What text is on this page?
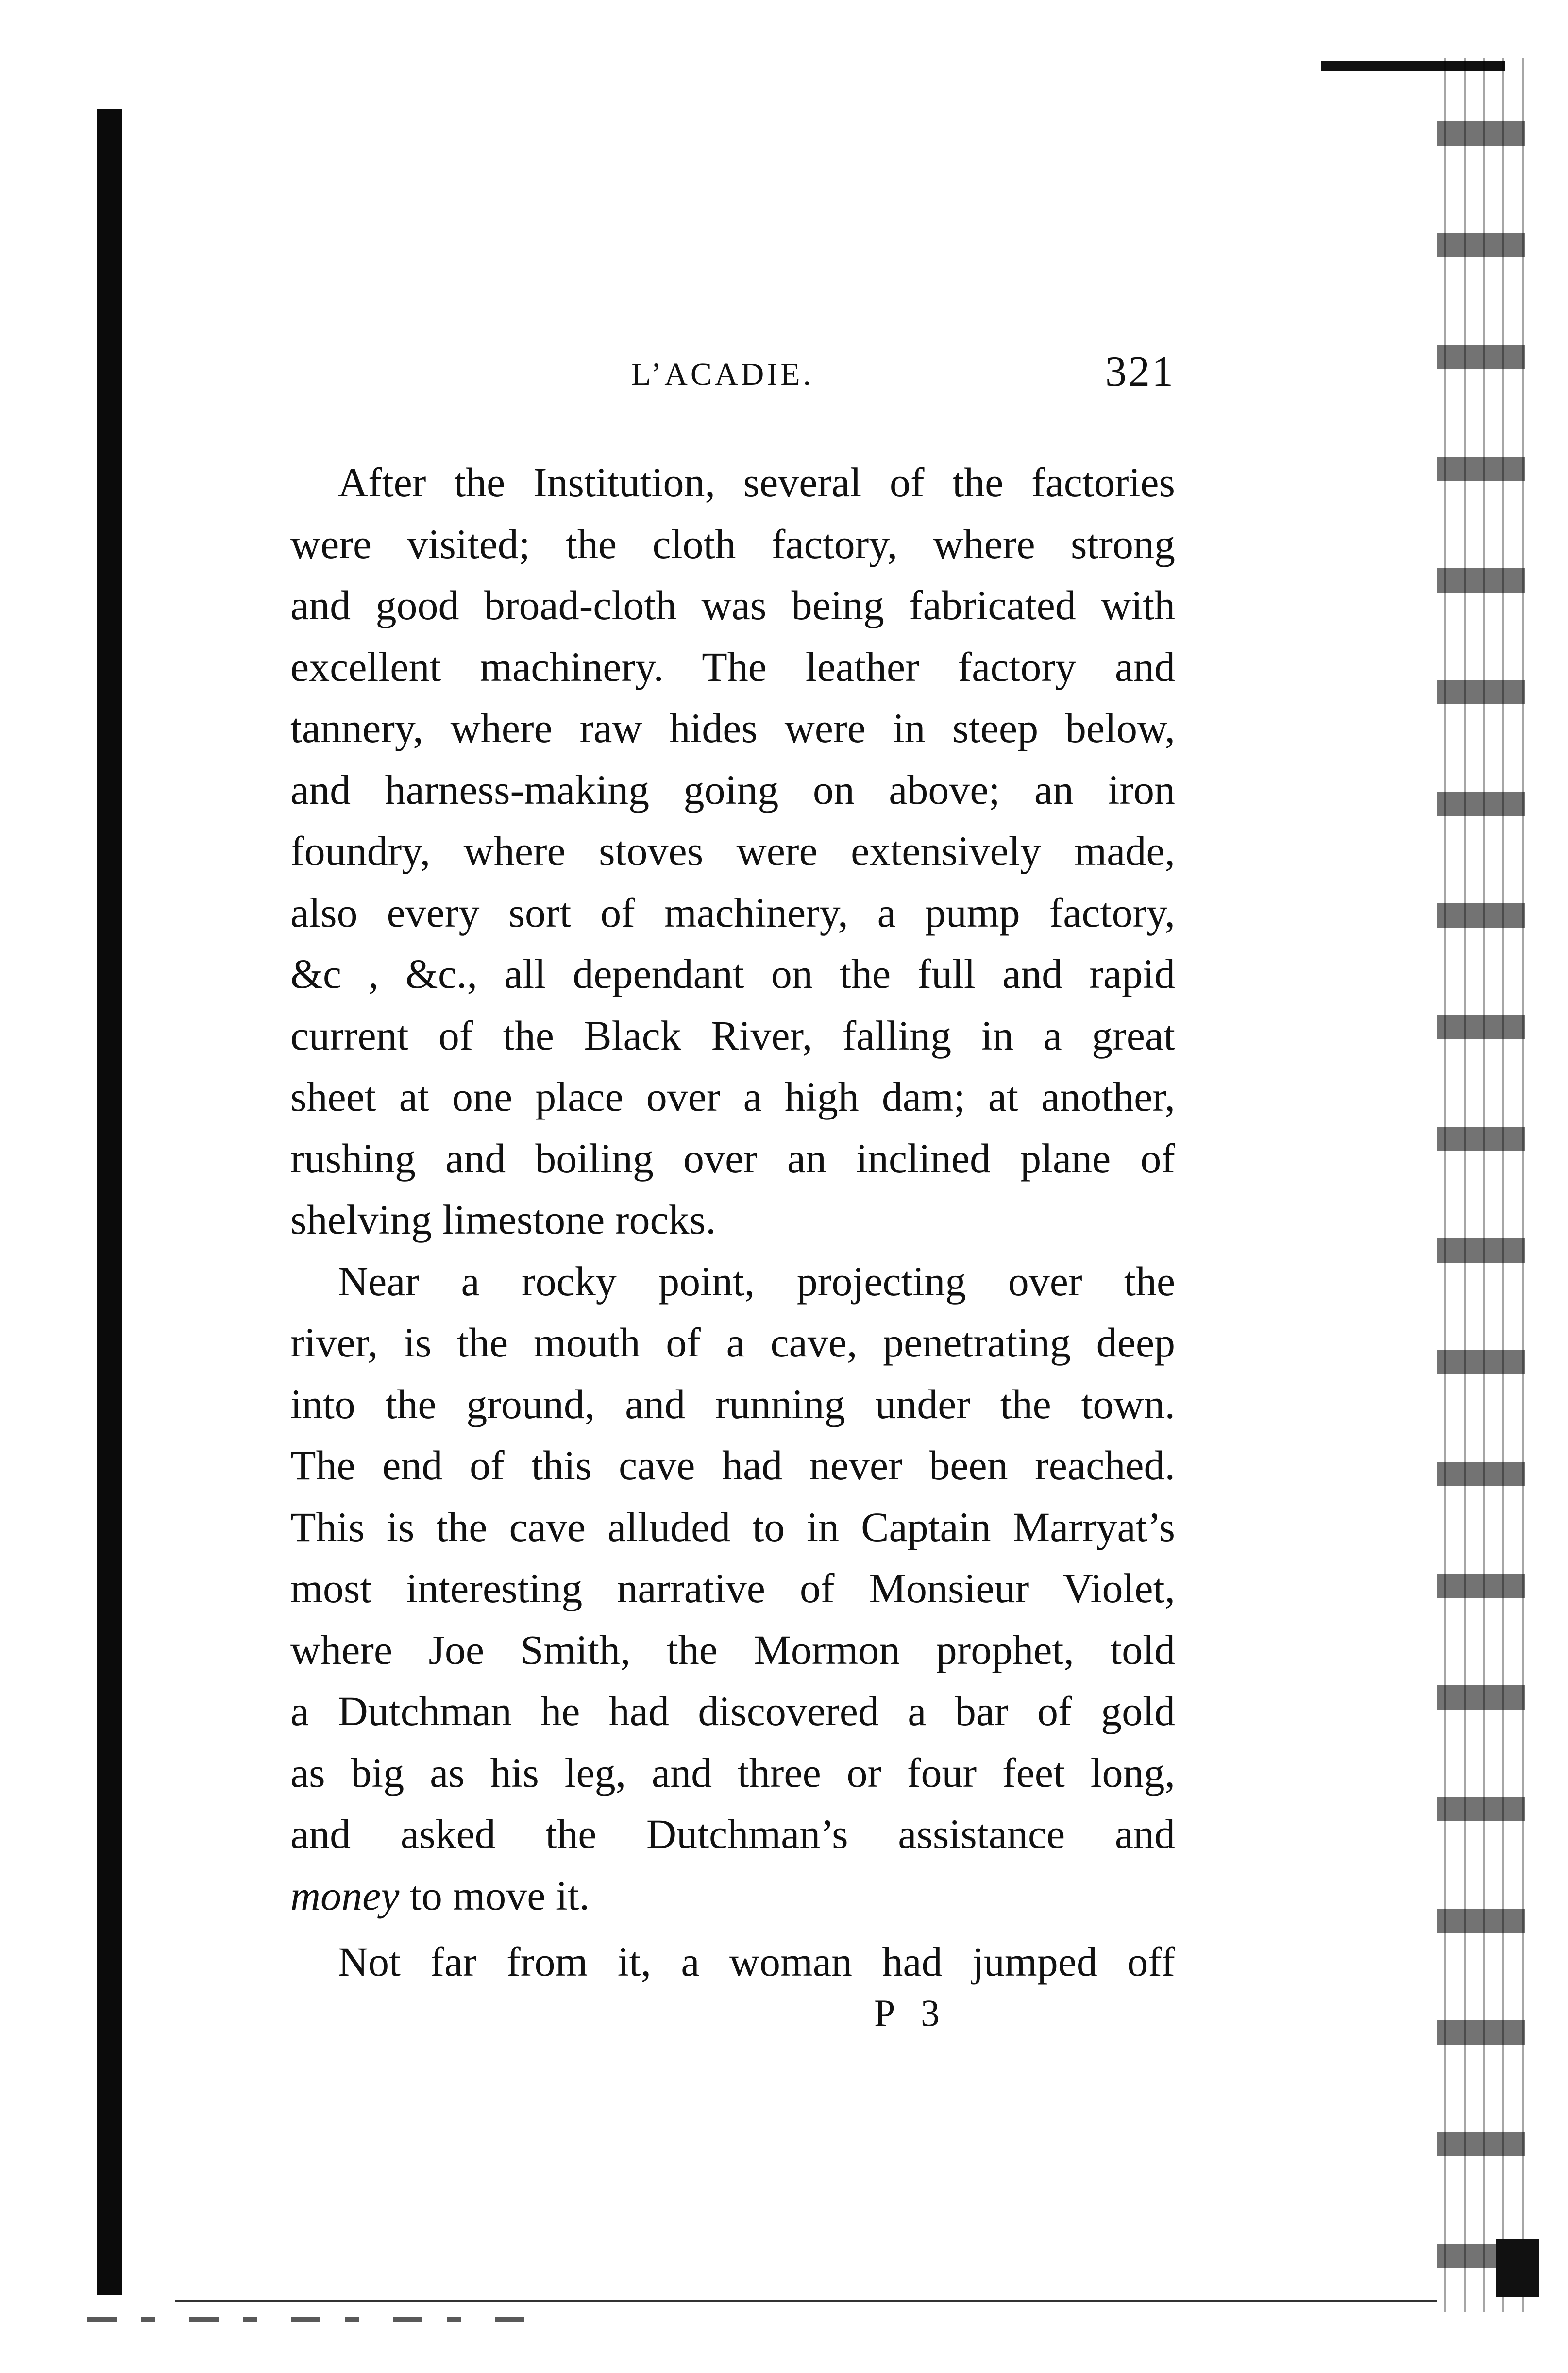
L’ACADIE.	321
After the Institution, several of the factories
were visited; the cloth factory, where strong
and good broad-cloth was being fabricated with
excellent machinery. The leather factory and
tannery, where raw hides were in steep below,
and harness-making going on above; an iron
foundry, where stoves were extensively made,
also every sort of machinery, a pump factory,
&c , &c., all dependant on the full and rapid
current of the Black River, falling in a great
sheet at one place over a high dam; at another,
rushing and boiling over an inclined plane of
shelving limestone rocks.
Near a rocky point, projecting over the
river, is the mouth of a cave, penetrating deep
into the ground, and running under the town.
The end of this cave had never been reached.
This is the cave alluded to in Captain Marryat’s
most interesting narrative of Monsieur Violet,
where Joe Smith, the Mormon prophet, told
a Dutchman he had discovered a bar of gold
as big as his leg, and three or four feet long,
and asked the Dutchman’s assistance and
money to move it.
Not far from it, a woman had jumped off
P 3
